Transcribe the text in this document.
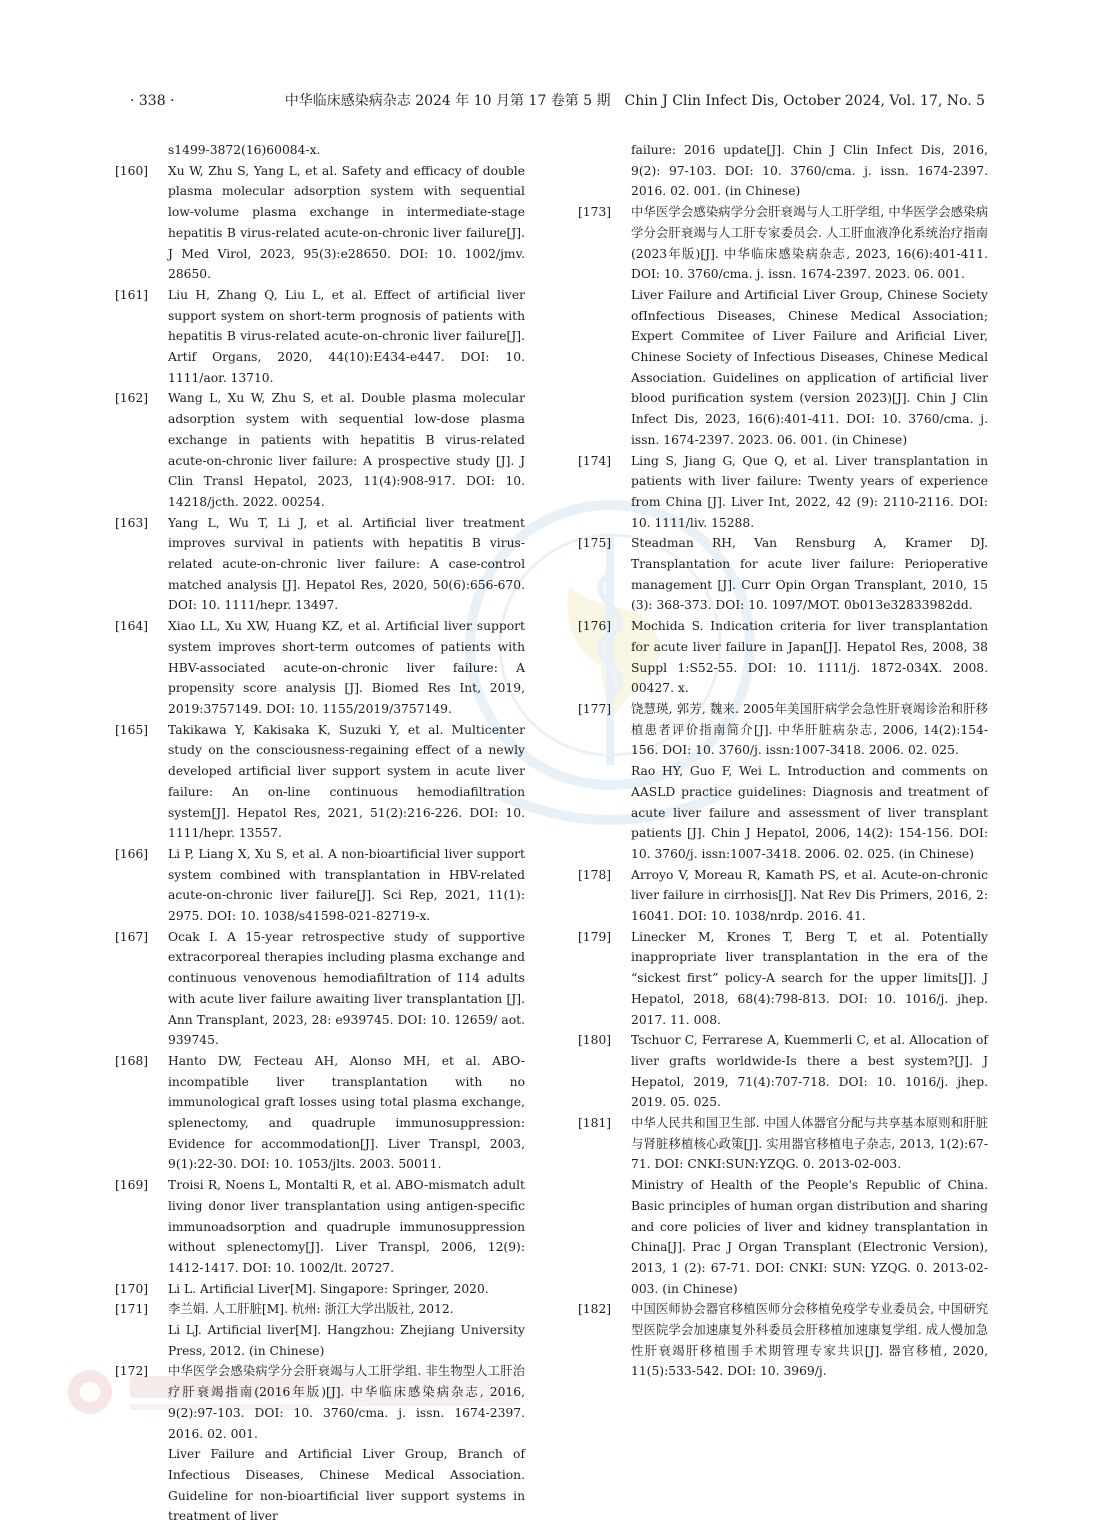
· 338 ·	中华临床感染病杂志 2024 年 10 月第 17 卷第 5 期　Chin J Clin Infect Dis, October 2024, Vol. 17, No. 5
s1499-3872(16)60084-x.
[160] Xu W, Zhu S, Yang L, et al. Safety and efficacy of double plasma molecular adsorption system with sequential low-volume plasma exchange in intermediate-stage hepatitis B virus-related acute-on-chronic liver failure[J]. J Med Virol, 2023, 95(3):e28650. DOI: 10. 1002/jmv. 28650.
[161] Liu H, Zhang Q, Liu L, et al. Effect of artificial liver support system on short-term prognosis of patients with hepatitis B virus-related acute-on-chronic liver failure[J]. Artif Organs, 2020, 44(10):E434-e447. DOI: 10. 1111/aor. 13710.
[162] Wang L, Xu W, Zhu S, et al. Double plasma molecular adsorption system with sequential low-dose plasma exchange in patients with hepatitis B virus-related acute-on-chronic liver failure: A prospective study [J]. J Clin Transl Hepatol, 2023, 11(4):908-917. DOI: 10. 14218/jcth. 2022. 00254.
[163] Yang L, Wu T, Li J, et al. Artificial liver treatment improves survival in patients with hepatitis B virus-related acute-on-chronic liver failure: A case-control matched analysis [J]. Hepatol Res, 2020, 50(6):656-670. DOI: 10. 1111/hepr. 13497.
[164] Xiao LL, Xu XW, Huang KZ, et al. Artificial liver support system improves short-term outcomes of patients with HBV-associated acute-on-chronic liver failure: A propensity score analysis [J]. Biomed Res Int, 2019, 2019:3757149. DOI: 10. 1155/2019/3757149.
[165] Takikawa Y, Kakisaka K, Suzuki Y, et al. Multicenter study on the consciousness-regaining effect of a newly developed artificial liver support system in acute liver failure: An on-line continuous hemodiafiltration system[J]. Hepatol Res, 2021, 51(2):216-226. DOI: 10. 1111/hepr. 13557.
[166] Li P, Liang X, Xu S, et al. A non-bioartificial liver support system combined with transplantation in HBV-related acute-on-chronic liver failure[J]. Sci Rep, 2021, 11(1): 2975. DOI: 10. 1038/s41598-021-82719-x.
[167] Ocak I. A 15-year retrospective study of supportive extracorporeal therapies including plasma exchange and continuous venovenous hemodiafiltration of 114 adults with acute liver failure awaiting liver transplantation [J]. Ann Transplant, 2023, 28: e939745. DOI: 10. 12659/ aot. 939745.
[168] Hanto DW, Fecteau AH, Alonso MH, et al. ABO-incompatible liver transplantation with no immunological graft losses using total plasma exchange, splenectomy, and quadruple immunosuppression: Evidence for accommodation[J]. Liver Transpl, 2003, 9(1):22-30. DOI: 10. 1053/jlts. 2003. 50011.
[169] Troisi R, Noens L, Montalti R, et al. ABO-mismatch adult living donor liver transplantation using antigen-specific immunoadsorption and quadruple immunosuppression without splenectomy[J]. Liver Transpl, 2006, 12(9): 1412-1417. DOI: 10. 1002/lt. 20727.
[170] Li L. Artificial Liver[M]. Singapore: Springer, 2020.
[171] 李兰娟. 人工肝脏[M]. 杭州: 浙江大学出版社, 2012.
Li LJ. Artificial liver[M]. Hangzhou: Zhejiang University Press, 2012. (in Chinese)
[172] 中华医学会感染病学分会肝衰竭与人工肝学组. 非生物型人工肝治疗肝衰竭指南(2016年版)[J]. 中华临床感染病杂志, 2016, 9(2):97-103. DOI: 10. 3760/cma. j. issn. 1674-2397. 2016. 02. 001.
Liver Failure and Artificial Liver Group, Branch of Infectious Diseases, Chinese Medical Association. Guideline for non-bioartificial liver support systems in treatment of liver
failure: 2016 update[J]. Chin J Clin Infect Dis, 2016, 9(2): 97-103. DOI: 10. 3760/cma. j. issn. 1674-2397. 2016. 02. 001. (in Chinese)
[173] 中华医学会感染病学分会肝衰竭与人工肝学组, 中华医学会感染病学分会肝衰竭与人工肝专家委员会. 人工肝血液净化系统治疗指南(2023年版)[J]. 中华临床感染病杂志, 2023, 16(6):401-411. DOI: 10. 3760/cma. j. issn. 1674-2397. 2023. 06. 001.
Liver Failure and Artificial Liver Group, Chinese Society ofInfectious Diseases, Chinese Medical Association; Expert Commitee of Liver Failure and Arificial Liver, Chinese Society of Infectious Diseases, Chinese Medical Association. Guidelines on application of artificial liver blood purification system (version 2023)[J]. Chin J Clin Infect Dis, 2023, 16(6):401-411. DOI: 10. 3760/cma. j. issn. 1674-2397. 2023. 06. 001. (in Chinese)
[174] Ling S, Jiang G, Que Q, et al. Liver transplantation in patients with liver failure: Twenty years of experience from China [J]. Liver Int, 2022, 42 (9): 2110-2116. DOI: 10. 1111/liv. 15288.
[175] Steadman RH, Van Rensburg A, Kramer DJ. Transplantation for acute liver failure: Perioperative management [J]. Curr Opin Organ Transplant, 2010, 15 (3): 368-373. DOI: 10. 1097/MOT. 0b013e32833982dd.
[176] Mochida S. Indication criteria for liver transplantation for acute liver failure in Japan[J]. Hepatol Res, 2008, 38 Suppl 1:S52-55. DOI: 10. 1111/j. 1872-034X. 2008. 00427. x.
[177] 饶慧瑛, 郭芳, 魏来. 2005年美国肝病学会急性肝衰竭诊治和肝移植患者评价指南简介[J]. 中华肝脏病杂志, 2006, 14(2):154-156. DOI: 10. 3760/j. issn:1007-3418. 2006. 02. 025.
Rao HY, Guo F, Wei L. Introduction and comments on AASLD practice guidelines: Diagnosis and treatment of acute liver failure and assessment of liver transplant patients [J]. Chin J Hepatol, 2006, 14(2): 154-156. DOI: 10. 3760/j. issn:1007-3418. 2006. 02. 025. (in Chinese)
[178] Arroyo V, Moreau R, Kamath PS, et al. Acute-on-chronic liver failure in cirrhosis[J]. Nat Rev Dis Primers, 2016, 2: 16041. DOI: 10. 1038/nrdp. 2016. 41.
[179] Linecker M, Krones T, Berg T, et al. Potentially inappropriate liver transplantation in the era of the “sickest first” policy-A search for the upper limits[J]. J Hepatol, 2018, 68(4):798-813. DOI: 10. 1016/j. jhep. 2017. 11. 008.
[180] Tschuor C, Ferrarese A, Kuemmerli C, et al. Allocation of liver grafts worldwide-Is there a best system?[J]. J Hepatol, 2019, 71(4):707-718. DOI: 10. 1016/j. jhep. 2019. 05. 025.
[181] 中华人民共和国卫生部. 中国人体器官分配与共享基本原则和肝脏与肾脏移植核心政策[J]. 实用器官移植电子杂志, 2013, 1(2):67-71. DOI: CNKI:SUN:YZQG. 0. 2013-02-003.
Ministry of Health of the People's Republic of China. Basic principles of human organ distribution and sharing and core policies of liver and kidney transplantation in China[J]. Prac J Organ Transplant (Electronic Version), 2013, 1 (2): 67-71. DOI: CNKI: SUN: YZQG. 0. 2013-02-003. (in Chinese)
[182] 中国医师协会器官移植医师分会移植免疫学专业委员会, 中国研究型医院学会加速康复外科委员会肝移植加速康复学组. 成人慢加急性肝衰竭肝移植围手术期管理专家共识[J]. 器官移植, 2020, 11(5):533-542. DOI: 10. 3969/j.
